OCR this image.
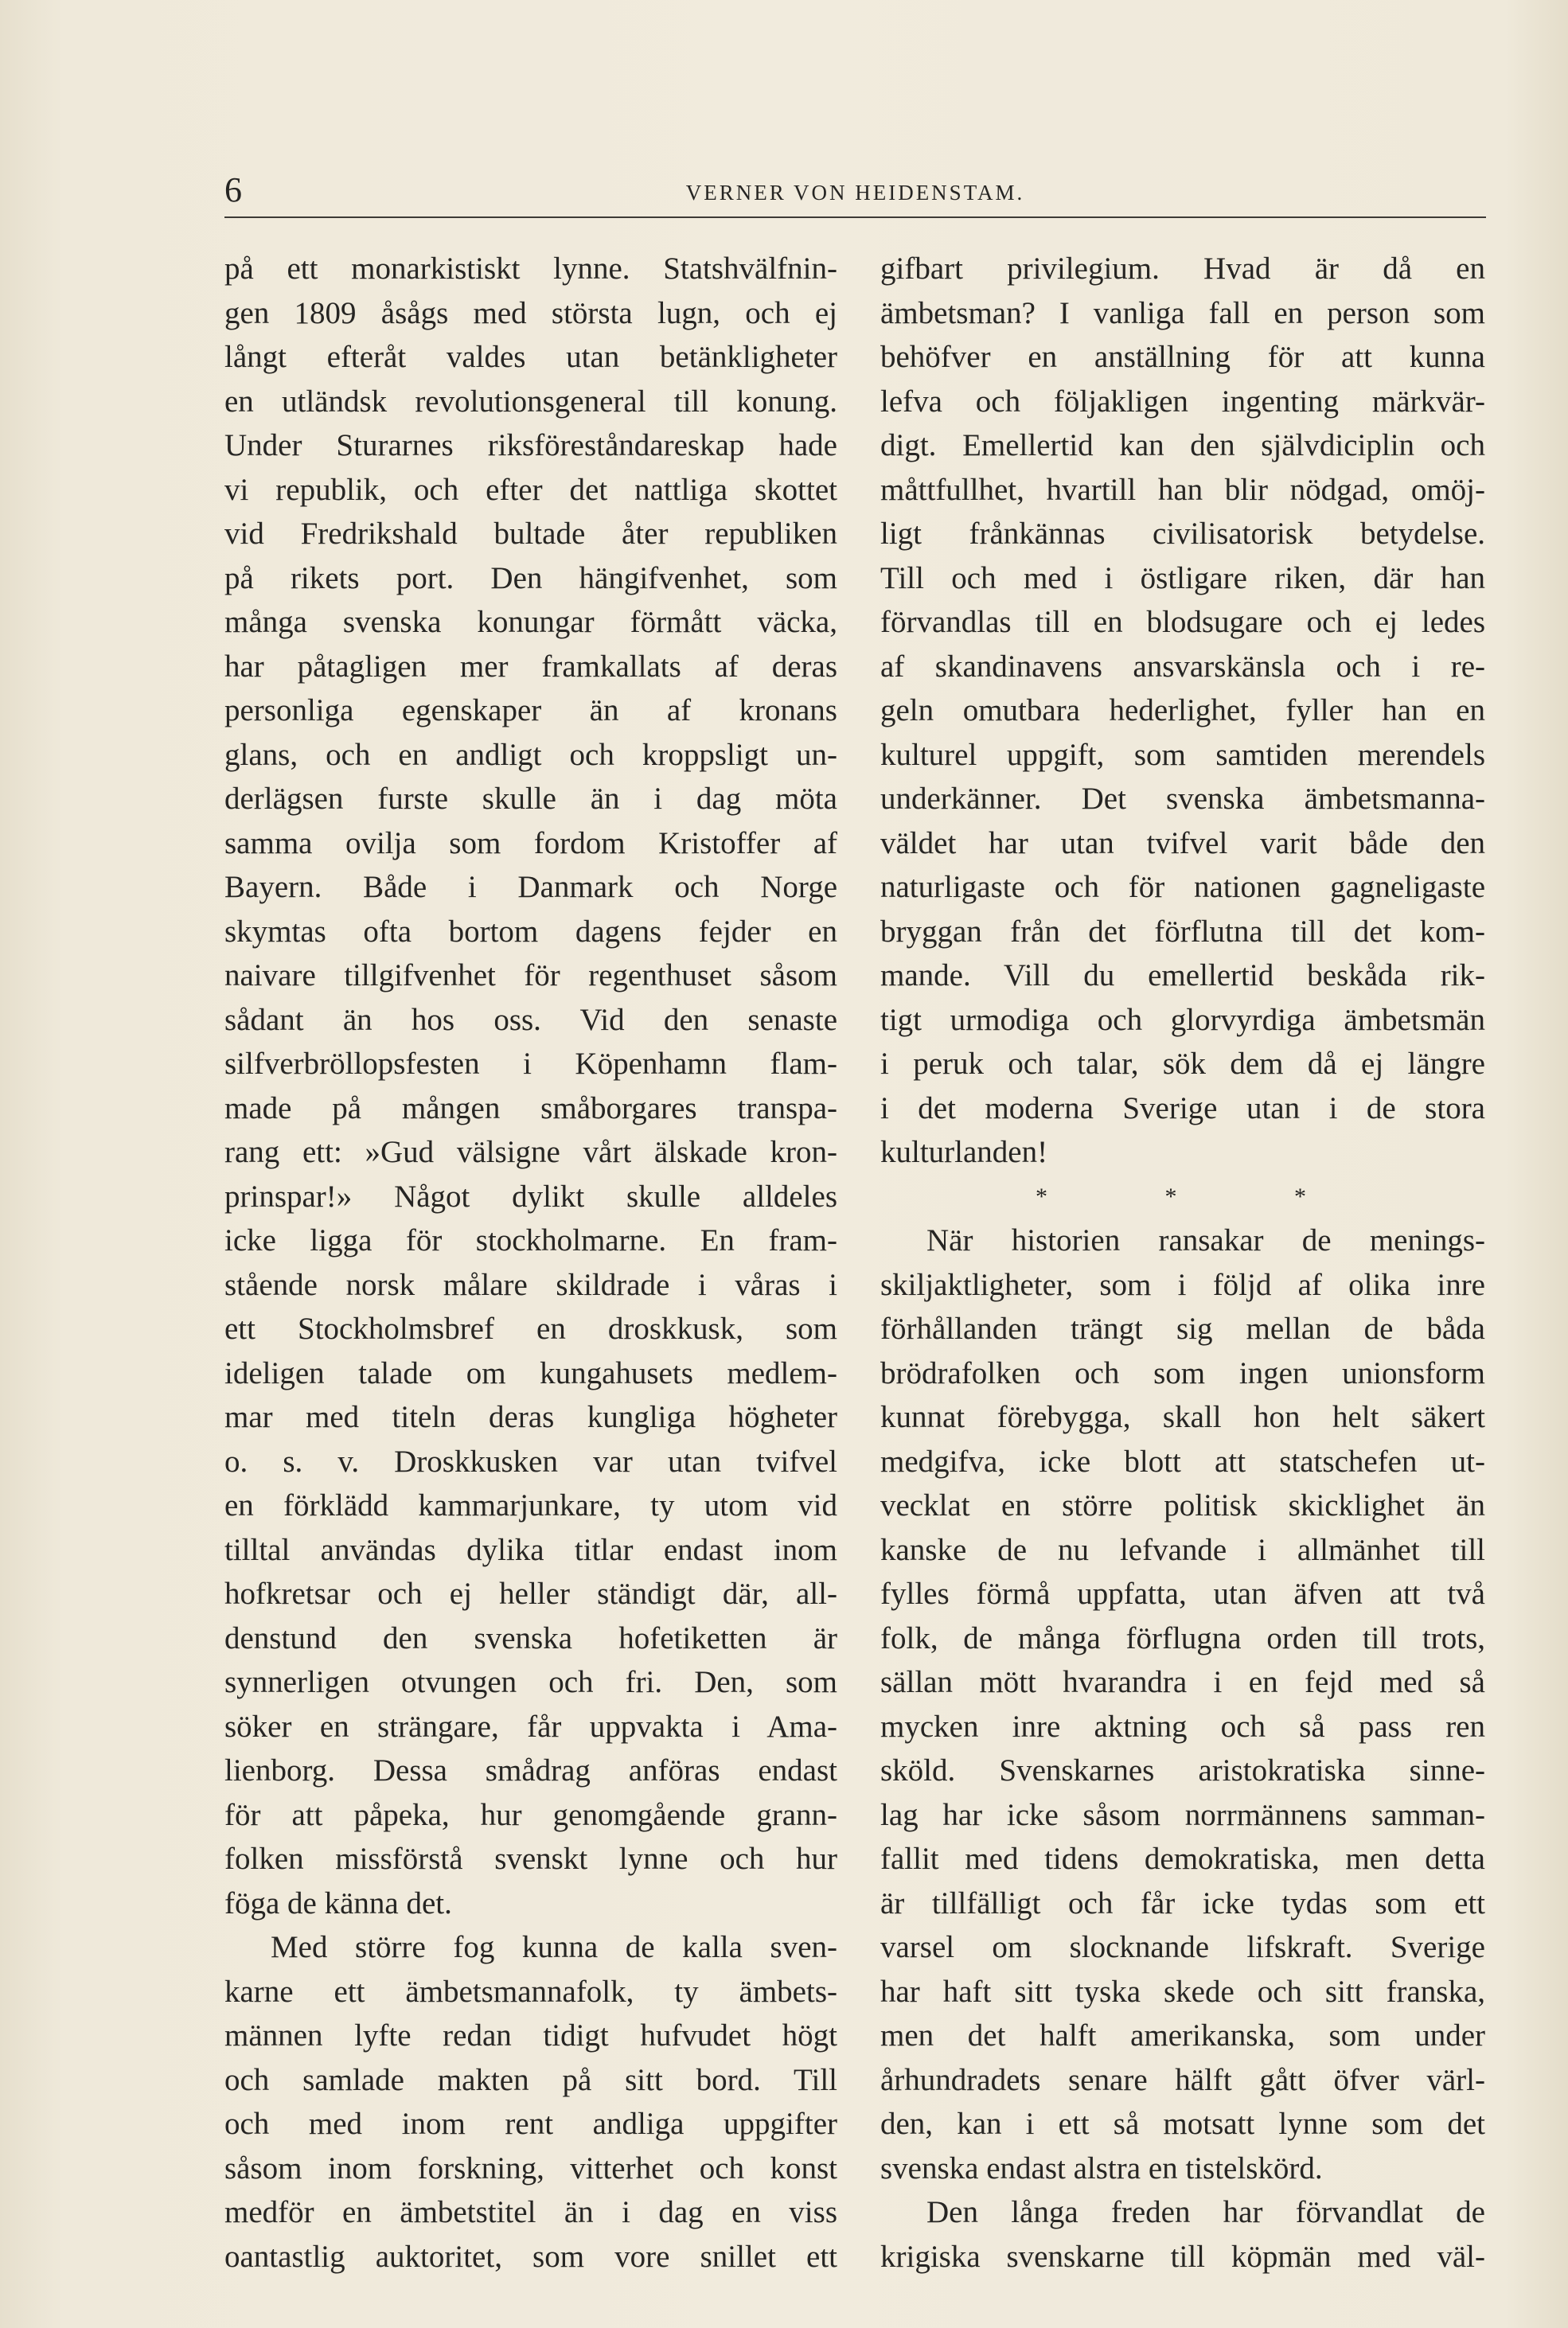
6	VERNER VON HEIDENSTAM.
på ett monarkistiskt lynne. Statshvälfnin-
gen 1809 åsågs med största lugn, och ej
långt efteråt valdes utan betänkligheter
en utländsk revolutionsgeneral till konung.
Under Sturarnes riksföreståndareskap hade
vi republik, och efter det nattliga skottet
vid Fredrikshald bultade åter republiken
på rikets port. Den hängifvenhet, som
många svenska konungar förmått väcka,
har påtagligen mer framkallats af deras
personliga egenskaper än af kronans
glans, och en andligt och kroppsligt un-
derlägsen furste skulle än i dag möta
samma ovilja som fordom Kristoffer af
Bayern. Både i Danmark och Norge
skymtas ofta bortom dagens fejder en
naivare tillgifvenhet för regenthuset såsom
sådant än hos oss. Vid den senaste
silfverbröllopsfesten i Köpenhamn flam-
made på mången småborgares transpa-
rang ett: »Gud välsigne vårt älskade kron-
prinspar!» Något dylikt skulle alldeles
icke ligga för stockholmarne. En fram-
stående norsk målare skildrade i våras i
ett Stockholmsbref en droskkusk, som
ideligen talade om kungahusets medlem-
mar med titeln deras kungliga högheter
o. s. v. Droskkusken var utan tvifvel
en förklädd kammarjunkare, ty utom vid
tilltal användas dylika titlar endast inom
hofkretsar och ej heller ständigt där, all-
denstund den svenska hofetiketten är
synnerligen otvungen och fri. Den, som
söker en strängare, får uppvakta i Ama-
lienborg. Dessa smådrag anföras endast
för att påpeka, hur genomgående grann-
folken missförstå svenskt lynne och hur
föga de känna det.
Med större fog kunna de kalla sven-
karne ett ämbetsmannafolk, ty ämbets-
männen lyfte redan tidigt hufvudet högt
och samlade makten på sitt bord. Till
och med inom rent andliga uppgifter
såsom inom forskning, vitterhet och konst
medför en ämbetstitel än i dag en viss
oantastlig auktoritet, som vore snillet ett
gifbart privilegium. Hvad är då en
ämbetsman? I vanliga fall en person som
behöfver en anställning för att kunna
lefva och följakligen ingenting märkvär-
digt. Emellertid kan den självdiciplin och
måttfullhet, hvartill han blir nödgad, omöj-
ligt frånkännas civilisatorisk betydelse.
Till och med i östligare riken, där han
förvandlas till en blodsugare och ej ledes
af skandinavens ansvarskänsla och i re-
geln omutbara hederlighet, fyller han en
kulturel uppgift, som samtiden merendels
underkänner. Det svenska ämbetsmanna-
väldet har utan tvifvel varit både den
naturligaste och för nationen gagneligaste
bryggan från det förflutna till det kom-
mande. Vill du emellertid beskåda rik-
tigt urmodiga och glorvyrdiga ämbetsmän
i peruk och talar, sök dem då ej längre
i det moderna Sverige utan i de stora
kulturlanden!
* * *
När historien ransakar de menings-
skiljaktligheter, som i följd af olika inre
förhållanden trängt sig mellan de båda
brödrafolken och som ingen unionsform
kunnat förebygga, skall hon helt säkert
medgifva, icke blott att statschefen ut-
vecklat en större politisk skicklighet än
kanske de nu lefvande i allmänhet till
fylles förmå uppfatta, utan äfven att två
folk, de många förflugna orden till trots,
sällan mött hvarandra i en fejd med så
mycken inre aktning och så pass ren
sköld. Svenskarnes aristokratiska sinne-
lag har icke såsom norrmännens samman-
fallit med tidens demokratiska, men detta
är tillfälligt och får icke tydas som ett
varsel om slocknande lifskraft. Sverige
har haft sitt tyska skede och sitt franska,
men det halft amerikanska, som under
århundradets senare hälft gått öfver värl-
den, kan i ett så motsatt lynne som det
svenska endast alstra en tistelskörd.
Den långa freden har förvandlat de
krigiska svenskarne till köpmän med väl-
